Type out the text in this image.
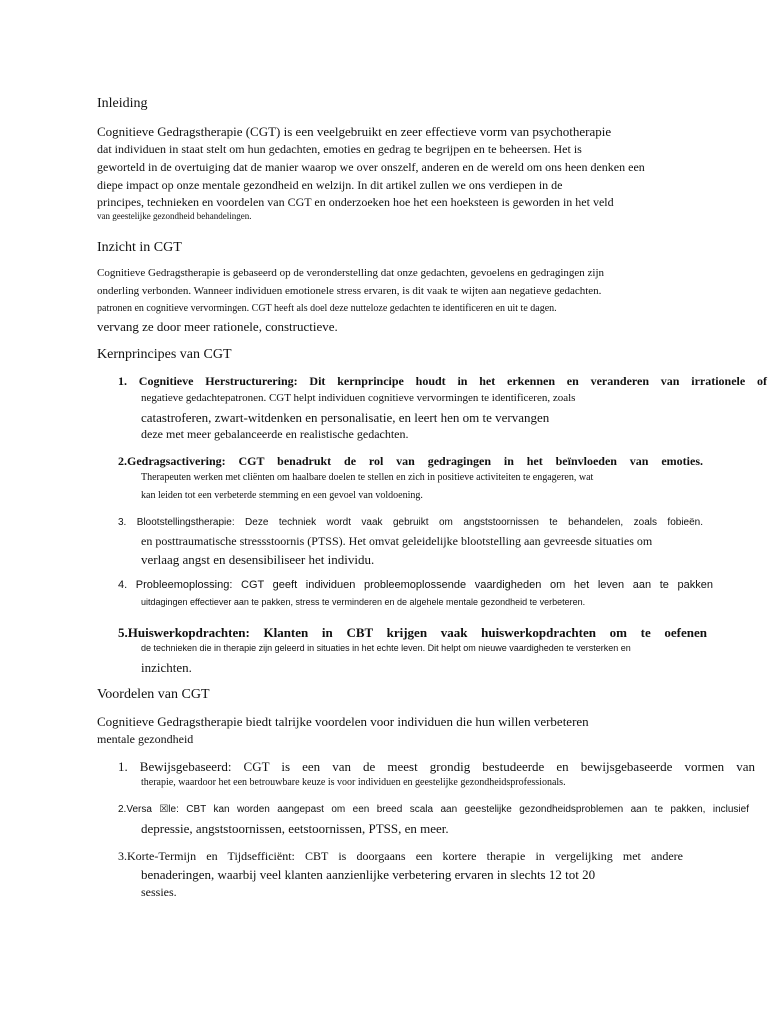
Inleiding
Cognitieve Gedragstherapie (CGT) is een veelgebruikt en zeer effectieve vorm van psychotherapie
dat individuen in staat stelt om hun gedachten, emoties en gedrag te begrijpen en te beheersen. Het is
geworteld in de overtuiging dat de manier waarop we over onszelf, anderen en de wereld om ons heen denken een
diepe impact op onze mentale gezondheid en welzijn. In dit artikel zullen we ons verdiepen in de
principes, technieken en voordelen van CGT en onderzoeken hoe het een hoeksteen is geworden in het veld
van geestelijke gezondheid behandelingen.
Inzicht in CGT
Cognitieve Gedragstherapie is gebaseerd op de veronderstelling dat onze gedachten, gevoelens en gedragingen zijn
onderling verbonden. Wanneer individuen emotionele stress ervaren, is dit vaak te wijten aan negatieve gedachten.
patronen en cognitieve vervormingen. CGT heeft als doel deze nutteloze gedachten te identificeren en uit te dagen.
vervang ze door meer rationele, constructieve.
Kernprincipes van CGT
1. Cognitieve Herstructurering: Dit kernprincipe houdt in het erkennen en veranderen van irrationele of
negatieve gedachtepatronen. CGT helpt individuen cognitieve vervormingen te identificeren, zoals
catastroferen, zwart-witdenken en personalisatie, en leert hen om te vervangen
deze met meer gebalanceerde en realistische gedachten.
2.Gedragsactivering: CGT benadrukt de rol van gedragingen in het beïnvloeden van emoties.
Therapeuten werken met cliënten om haalbare doelen te stellen en zich in positieve activiteiten te engageren, wat
kan leiden tot een verbeterde stemming en een gevoel van voldoening.
3. Blootstellingstherapie: Deze techniek wordt vaak gebruikt om angststoornissen te behandelen, zoals fobieën.
en posttraumatische stressstoornis (PTSS). Het omvat geleidelijke blootstelling aan gevreesde situaties om
verlaag angst en desensibiliseer het individu.
4. Probleemoplossing: CGT geeft individuen probleemoplossende vaardigheden om het leven aan te pakken
uitdagingen effectiever aan te pakken, stress te verminderen en de algehele mentale gezondheid te verbeteren.
5.Huiswerkopdrachten: Klanten in CBT krijgen vaak huiswerkopdrachten om te oefenen
de technieken die in therapie zijn geleerd in situaties in het echte leven. Dit helpt om nieuwe vaardigheden te versterken en
inzichten.
Voordelen van CGT
Cognitieve Gedragstherapie biedt talrijke voordelen voor individuen die hun willen verbeteren
mentale gezondheid
1. Bewijsgebaseerd: CGT is een van de meest grondig bestudeerde en bewijsgebaseerde vormen van
therapie, waardoor het een betrouwbare keuze is voor individuen en geestelijke gezondheidsprofessionals.
2.Versa ☒le: CBT kan worden aangepast om een breed scala aan geestelijke gezondheidsproblemen aan te pakken, inclusief
depressie, angststoornissen, eetstoornissen, PTSS, en meer.
3.Korte-Termijn en Tijdsefficiënt: CBT is doorgaans een kortere therapie in vergelijking met andere
benaderingen, waarbij veel klanten aanzienlijke verbetering ervaren in slechts 12 tot 20
sessies.
